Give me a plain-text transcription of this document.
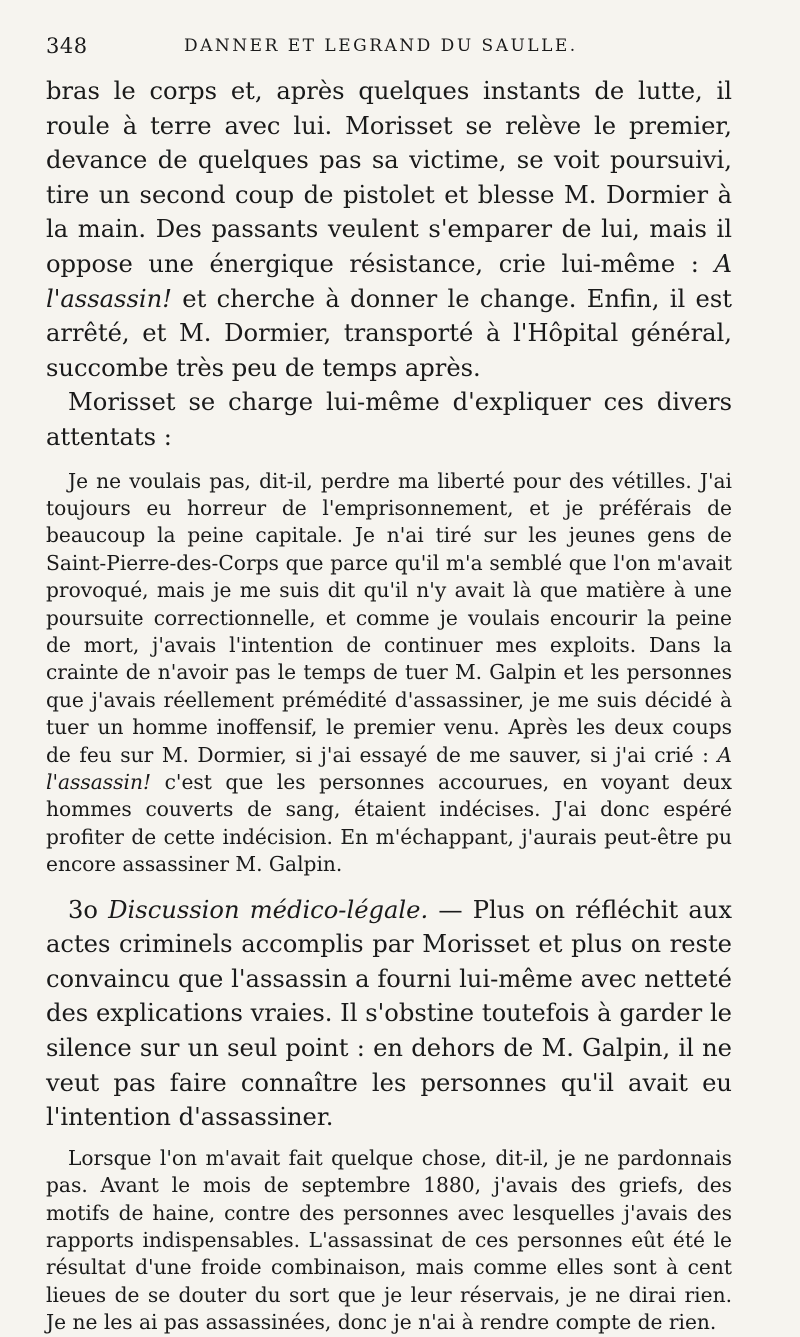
348	DANNER ET LEGRAND DU SAULLE.

bras le corps et, après quelques instants de lutte, il roule à terre avec lui. Morisset se relève le premier, devance de quelques pas sa victime, se voit poursuivi, tire un second coup de pistolet et blesse M. Dormier à la main. Des passants veulent s'emparer de lui, mais il oppose une énergique résistance, crie lui-même : A l'assassin! et cherche à donner le change. Enfin, il est arrêté, et M. Dormier, transporté à l'Hôpital général, succombe très peu de temps après.

Morisset se charge lui-même d'expliquer ces divers attentats :

Je ne voulais pas, dit-il, perdre ma liberté pour des vétilles. J'ai toujours eu horreur de l'emprisonnement, et je préférais de beaucoup la peine capitale. Je n'ai tiré sur les jeunes gens de Saint-Pierre-des-Corps que parce qu'il m'a semblé que l'on m'avait provoqué, mais je me suis dit qu'il n'y avait là que matière à une poursuite correctionnelle, et comme je voulais encourir la peine de mort, j'avais l'intention de continuer mes exploits. Dans la crainte de n'avoir pas le temps de tuer M. Galpin et les personnes que j'avais réellement prémédité d'assassiner, je me suis décidé à tuer un homme inoffensif, le premier venu. Après les deux coups de feu sur M. Dormier, si j'ai essayé de me sauver, si j'ai crié : A l'assassin! c'est que les personnes accourues, en voyant deux hommes couverts de sang, étaient indécises. J'ai donc espéré profiter de cette indécision. En m'échappant, j'aurais peut-être pu encore assassiner M. Galpin.

3o Discussion médico-légale. — Plus on réfléchit aux actes criminels accomplis par Morisset et plus on reste convaincu que l'assassin a fourni lui-même avec netteté des explications vraies. Il s'obstine toutefois à garder le silence sur un seul point : en dehors de M. Galpin, il ne veut pas faire connaître les personnes qu'il avait eu l'intention d'assassiner.

Lorsque l'on m'avait fait quelque chose, dit-il, je ne pardonnais pas. Avant le mois de septembre 1880, j'avais des griefs, des motifs de haine, contre des personnes avec lesquelles j'avais des rapports indispensables. L'assassinat de ces personnes eût été le résultat d'une froide combinaison, mais comme elles sont à cent lieues de se douter du sort que je leur réservais, je ne dirai rien. Je ne les ai pas assassinées, donc je n'ai à rendre compte de rien.
